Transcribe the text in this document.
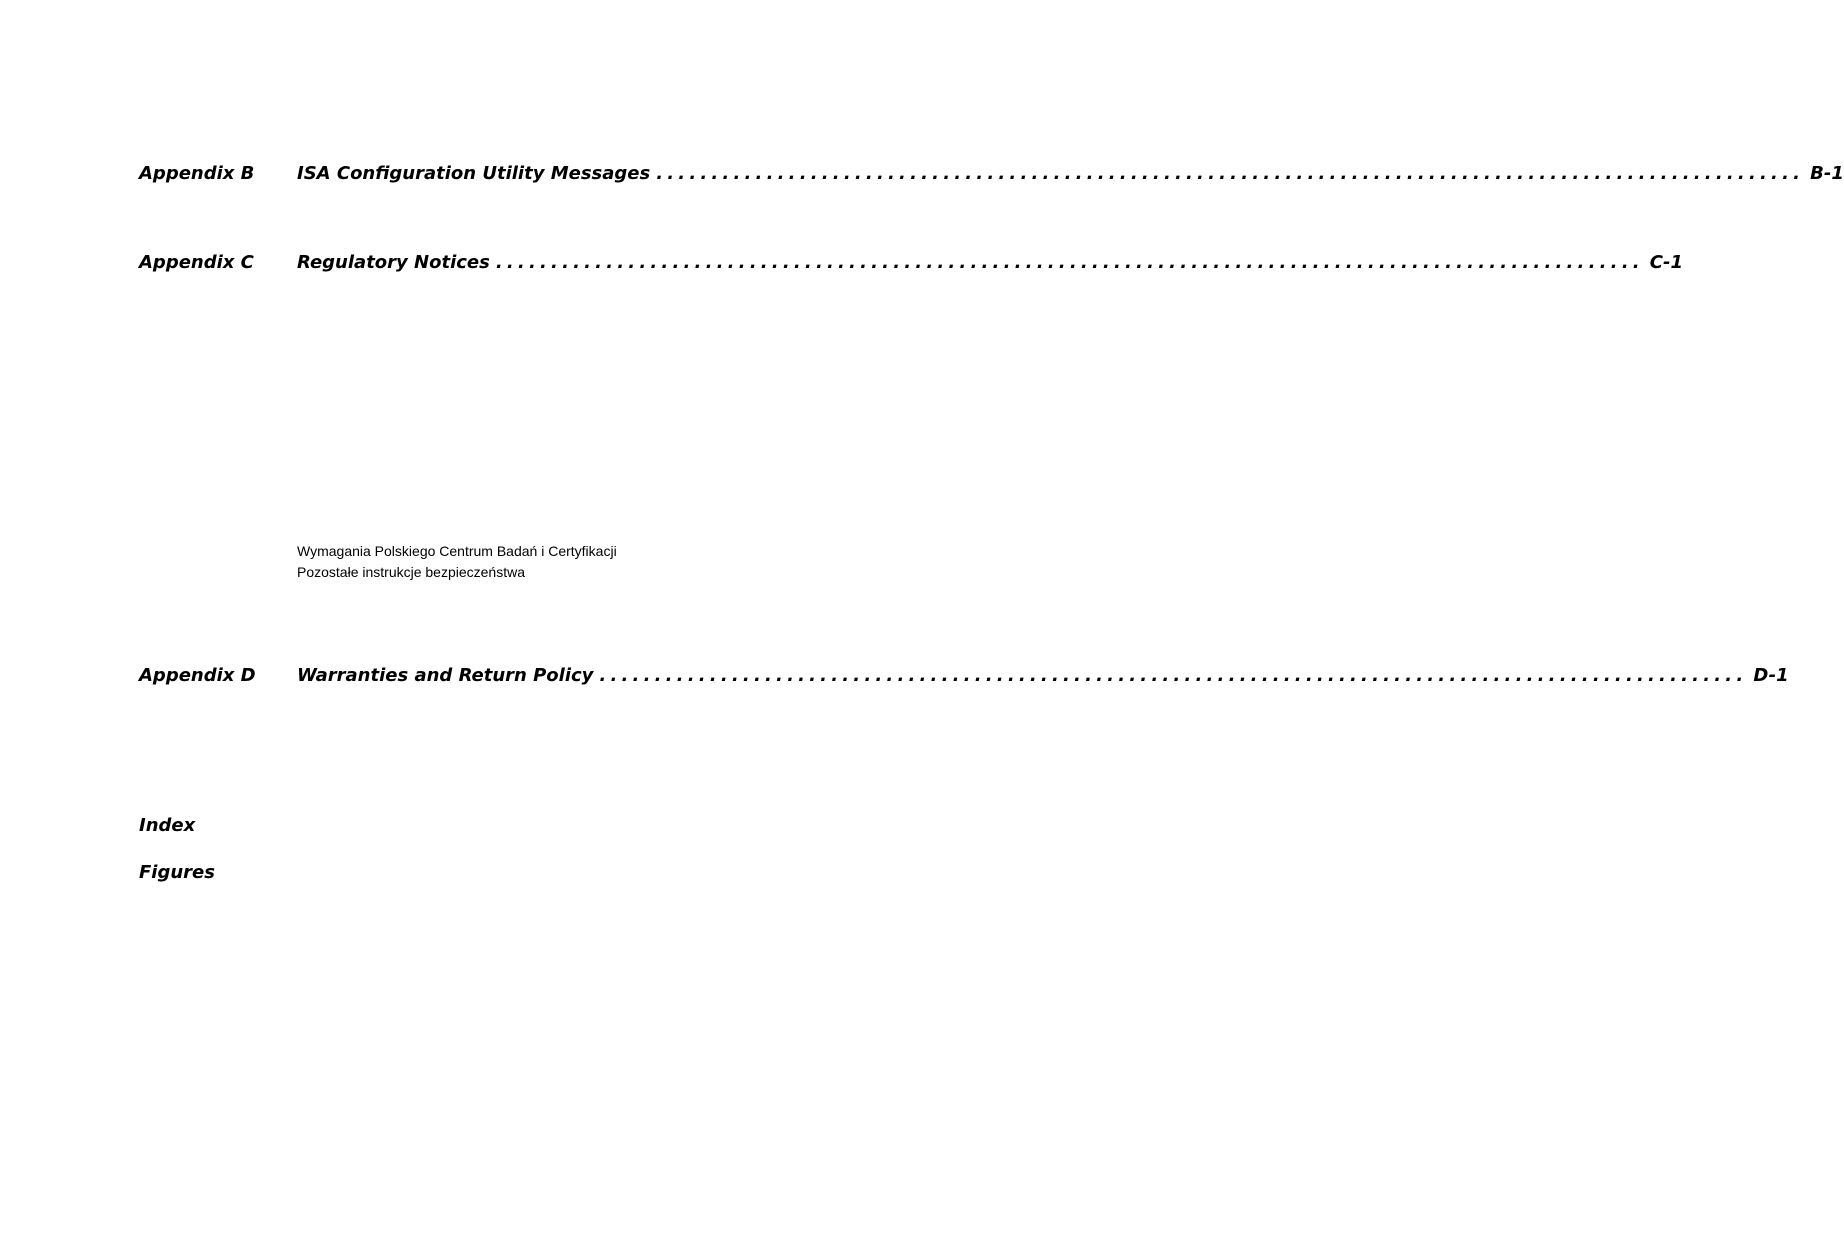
Appendix B ISA Configuration Utility Messages ........................................................................................................ B-1
Appendix C Regulatory Notices ........................................................................................................ C-1
Wymagania Polskiego Centrum Badań i Certyfikacji
Pozostałe instrukcje bezpieczeństwa
Appendix D Warranties and Return Policy ........................................................................................................ D-1
Index
Figures
